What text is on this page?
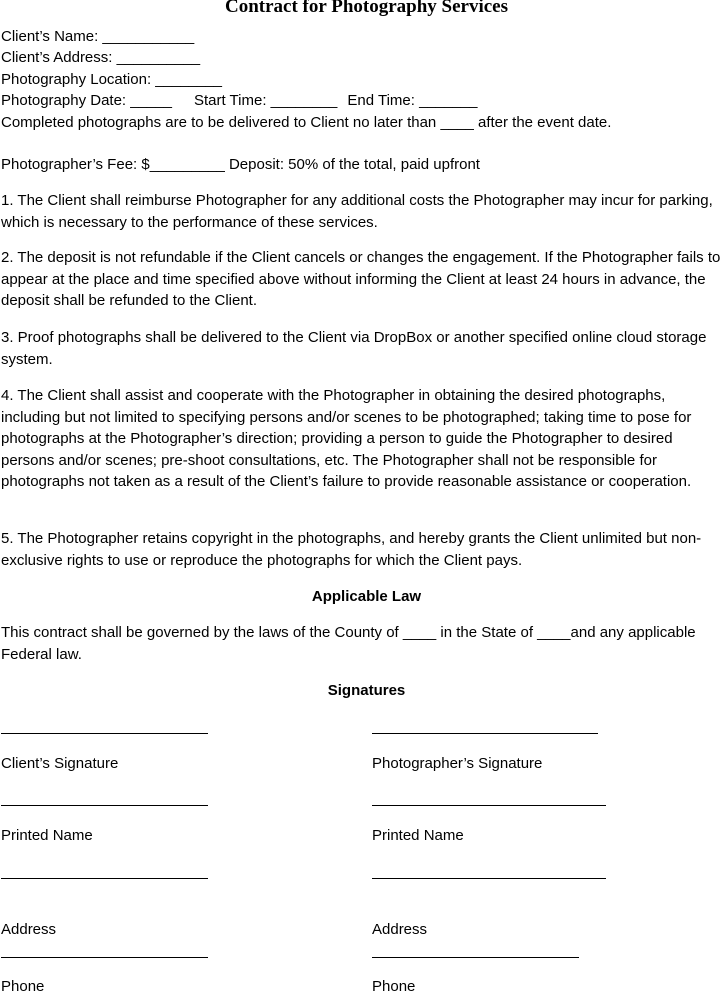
Contract for Photography Services
Client’s Name: ___________
Client’s Address: __________
Photography Location: ________
Photography Date: _____ Start Time: ________ End Time: _______
Completed photographs are to be delivered to Client no later than ____ after the event date.
Photographer’s Fee: $_________ Deposit: 50% of the total, paid upfront
1. The Client shall reimburse Photographer for any additional costs the Photographer may incur for parking, which is necessary to the performance of these services.
2. The deposit is not refundable if the Client cancels or changes the engagement. If the Photographer fails to appear at the place and time specified above without informing the Client at least 24 hours in advance, the deposit shall be refunded to the Client.
3. Proof photographs shall be delivered to the Client via DropBox or another specified online cloud storage system.
4. The Client shall assist and cooperate with the Photographer in obtaining the desired photographs, including but not limited to specifying persons and/or scenes to be photographed; taking time to pose for photographs at the Photographer’s direction; providing a person to guide the Photographer to desired persons and/or scenes; pre-shoot consultations, etc. The Photographer shall not be responsible for photographs not taken as a result of the Client’s failure to provide reasonable assistance or cooperation.
5. The Photographer retains copyright in the photographs, and hereby grants the Client unlimited but non-exclusive rights to use or reproduce the photographs for which the Client pays.
Applicable Law
This contract shall be governed by the laws of the County of ____ in the State of ____and any applicable Federal law.
Signatures
Client’s Signature	Photographer’s Signature
Printed Name	Printed Name
Address	Address
Phone	Phone
